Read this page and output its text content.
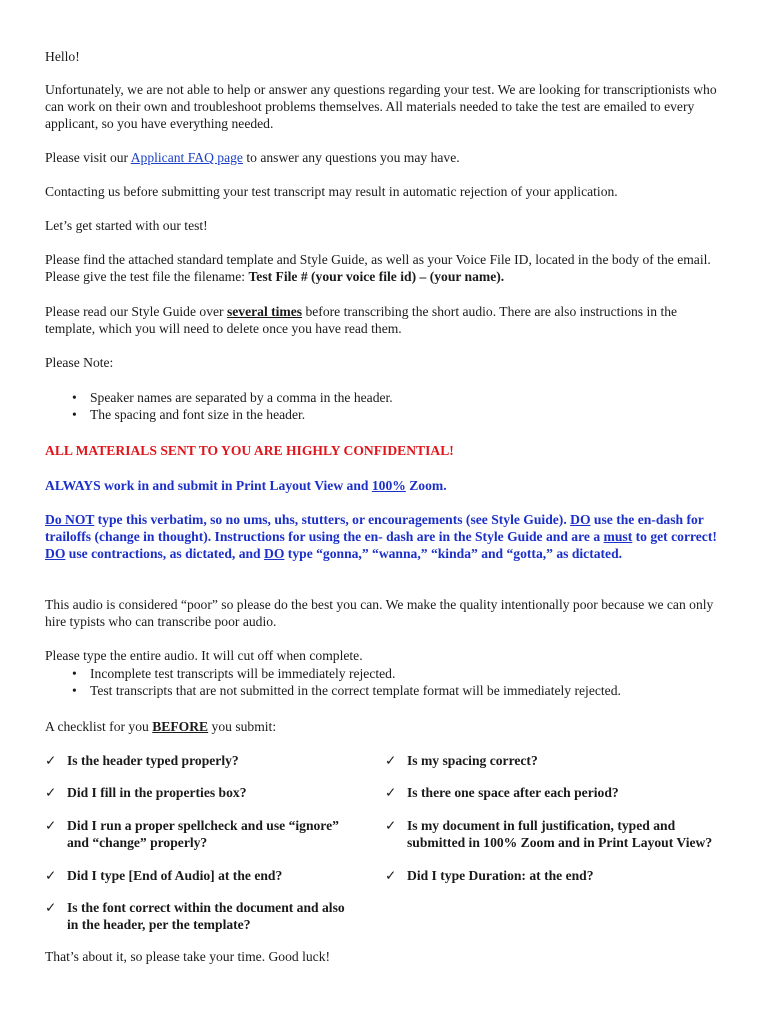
Hello!

Unfortunately, we are not able to help or answer any questions regarding your test. We are looking for transcriptionists who can work on their own and troubleshoot problems themselves. All materials needed to take the test are emailed to every applicant, so you have everything needed.

Please visit our Applicant FAQ page to answer any questions you may have.

Contacting us before submitting your test transcript may result in automatic rejection of your application.

Let’s get started with our test!

Please find the attached standard template and Style Guide, as well as your Voice File ID, located in the body of the email. Please give the test file the filename: Test File # (your voice file id) – (your name).

Please read our Style Guide over several times before transcribing the short audio. There are also instructions in the template, which you will need to delete once you have read them.

Please Note:

• Speaker names are separated by a comma in the header.
• The spacing and font size in the header.

ALL MATERIALS SENT TO YOU ARE HIGHLY CONFIDENTIAL!

ALWAYS work in and submit in Print Layout View and 100% Zoom.

Do NOT type this verbatim, so no ums, uhs, stutters, or encouragements (see Style Guide). DO use the en-dash for trailoffs (change in thought). Instructions for using the en- dash are in the Style Guide and are a must to get correct! DO use contractions, as dictated, and DO type “gonna,” “wanna,” “kinda” and “gotta,” as dictated.

This audio is considered “poor” so please do the best you can. We make the quality intentionally poor because we can only hire typists who can transcribe poor audio.

Please type the entire audio. It will cut off when complete.

• Incomplete test transcripts will be immediately rejected.
• Test transcripts that are not submitted in the correct template format will be immediately rejected.

A checklist for you BEFORE you submit:

✓ Is the header typed properly?
✓ Did I fill in the properties box?
✓ Did I run a proper spellcheck and use “ignore” and “change” properly?
✓ Did I type [End of Audio] at the end?
✓ Is the font correct within the document and also in the header, per the template?
✓ Is my spacing correct?
✓ Is there one space after each period?
✓ Is my document in full justification, typed and submitted in 100% Zoom and in Print Layout View?
✓ Did I type Duration: at the end?

That’s about it, so please take your time. Good luck!
